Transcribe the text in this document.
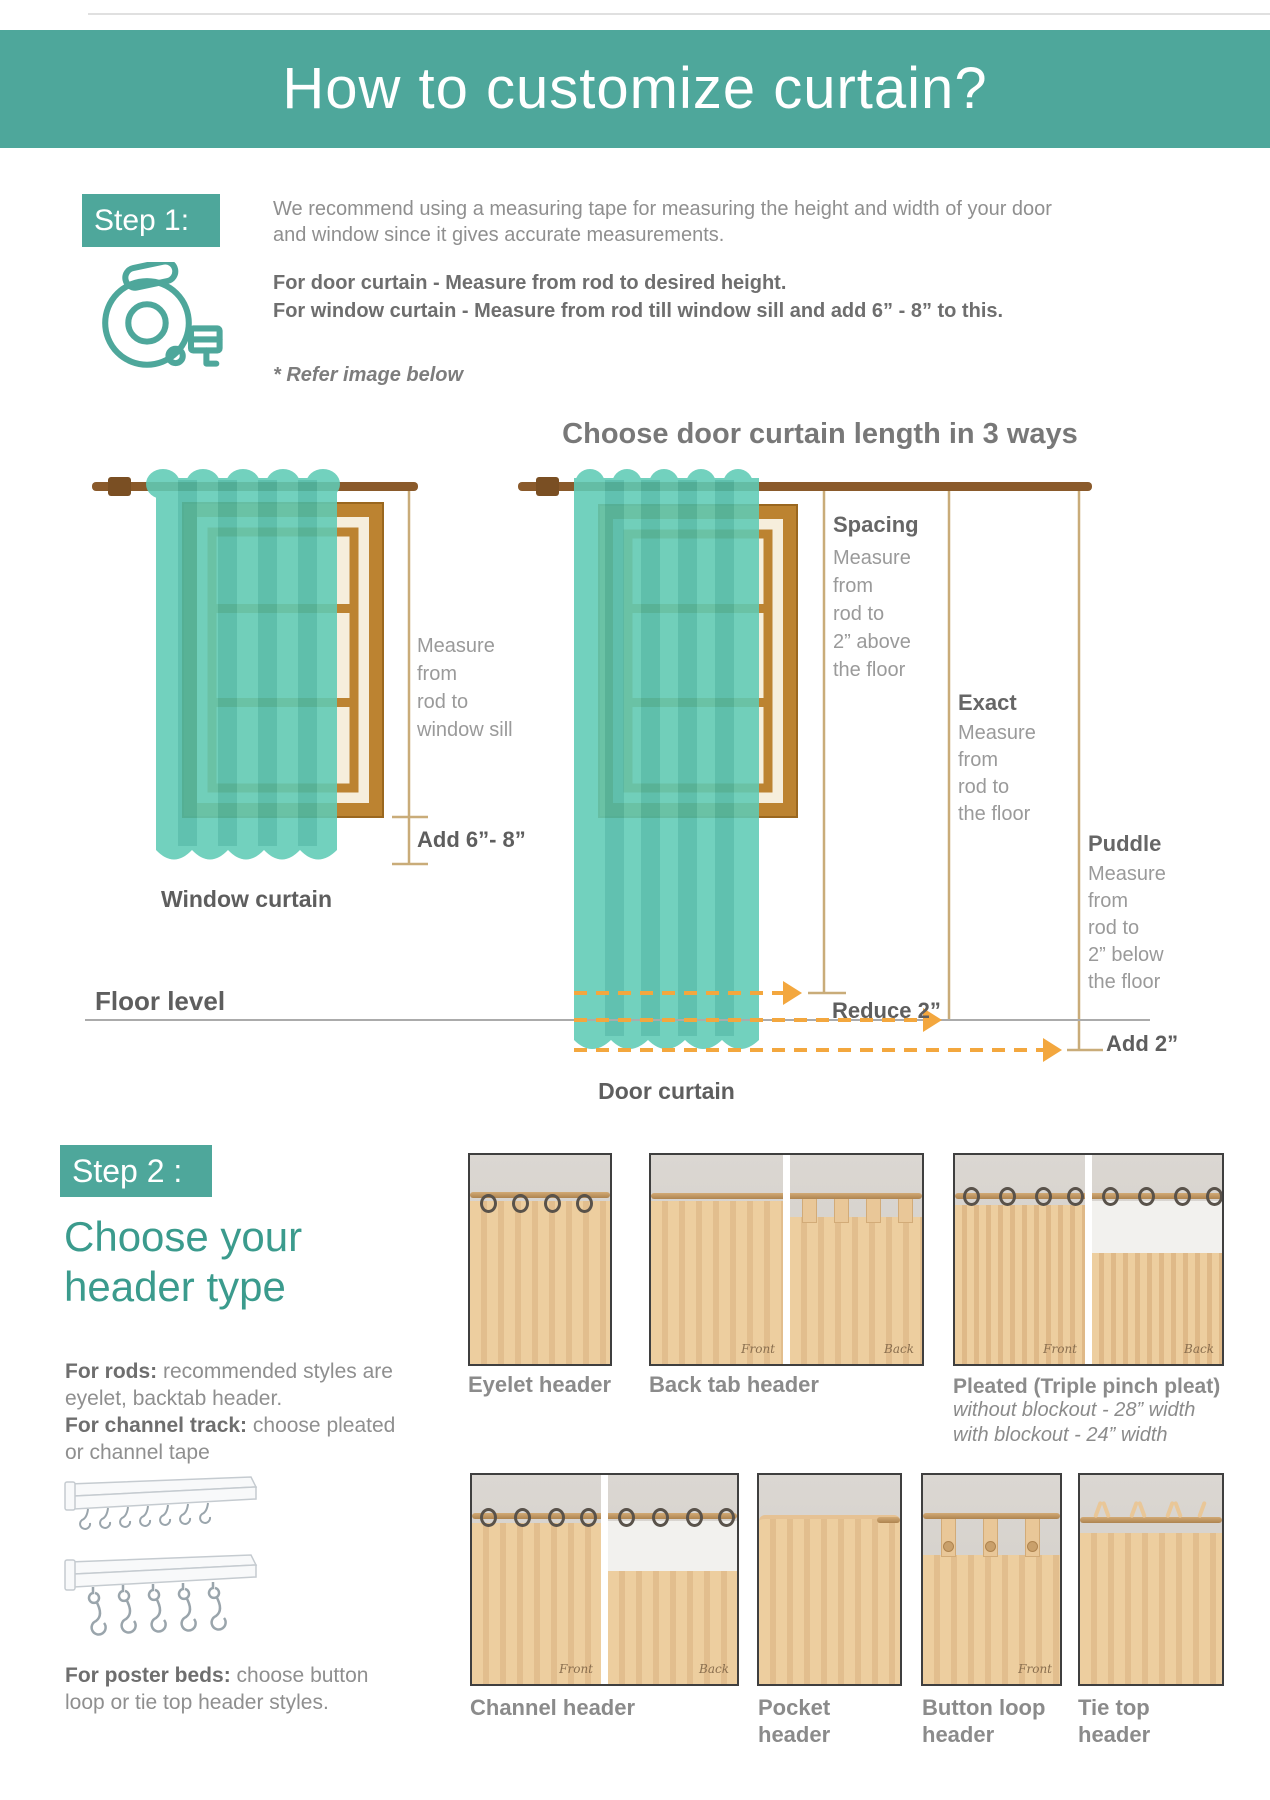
How to customize curtain?
Step 1:	We recommend using a measuring tape for measuring the height and width of your door and window since it gives accurate measurements.
For door curtain - Measure from rod to desired height.
For window curtain - Measure from rod till window sill and add 6” - 8” to this.
* Refer image below
Choose door curtain length in 3 ways
Measure
from
rod to
window sill
Add 6”- 8”
Window curtain
Spacing
Measure
from
rod to
2” above
the floor
Exact
Measure
from
rod to
the floor
Puddle
Measure
from
rod to
2” below
the floor
Floor level	Reduce 2”
Add 2”
Door curtain
Step 2 :
Choose your
header type
For rods: recommended styles are eyelet, backtab header.
For channel track: choose pleated or channel tape
For poster beds: choose button loop or tie top header styles.
Front	Back	Front	Back
Eyelet header Back tab header	Pleated (Triple pinch pleat)
without blockout - 28” width
with blockout - 24” width
Front	Back	Front
Channel header	Pocket header
Button loop header
Tie top header
